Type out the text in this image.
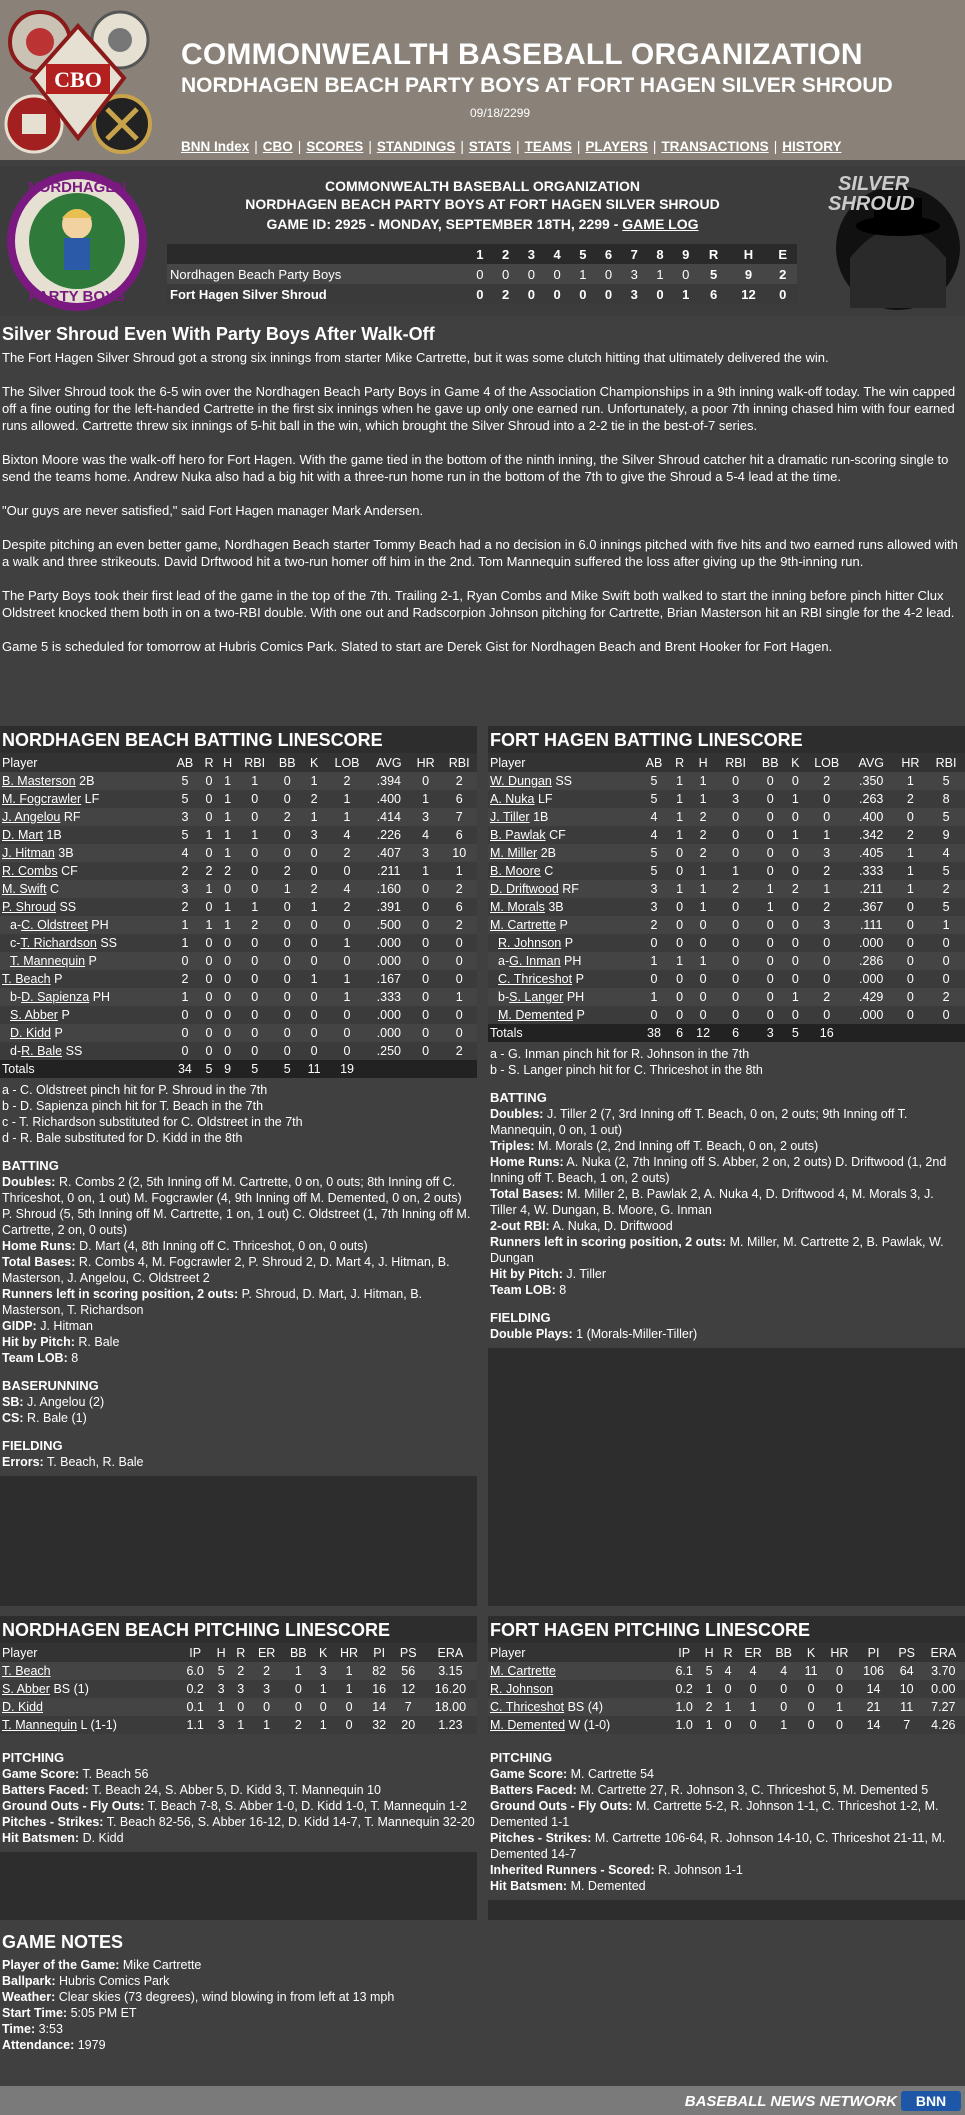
CBO
COMMONWEALTH BASEBALL ORGANIZATION
NORDHAGEN BEACH PARTY BOYS AT FORT HAGEN SILVER SHROUD
09/18/2299
BNN Index | CBO | SCORES | STANDINGS | STATS | TEAMS | PLAYERS | TRANSACTIONS | HISTORY
NORDHAGEN
PARTY BOYS
COMMONWEALTH BASEBALL ORGANIZATION
NORDHAGEN BEACH PARTY BOYS AT FORT HAGEN SILVER SHROUD
GAME ID: 2925 - MONDAY, SEPTEMBER 18TH, 2299 - GAME LOG
	1	2	3	4	5	6	7	8	9	R	H	E
Nordhagen Beach Party Boys	0	0	0	0	1	0	3	1	0	5	9	2
Fort Hagen Silver Shroud	0	2	0	0	0	0	3	0	1	6	12	0
SILVER
SHROUD
Silver Shroud Even With Party Boys After Walk-Off

The Fort Hagen Silver Shroud got a strong six innings from starter Mike Cartrette, but it was some clutch hitting that ultimately delivered the win.

The Silver Shroud took the 6-5 win over the Nordhagen Beach Party Boys in Game 4 of the Association Championships in a 9th inning walk-off today. The win capped off a fine outing for the left-handed Cartrette in the first six innings when he gave up only one earned run. Unfortunately, a poor 7th inning chased him with four earned runs allowed. Cartrette threw six innings of 5-hit ball in the win, which brought the Silver Shroud into a 2-2 tie in the best-of-7 series.

Bixton Moore was the walk-off hero for Fort Hagen. With the game tied in the bottom of the ninth inning, the Silver Shroud catcher hit a dramatic run-scoring single to send the teams home. Andrew Nuka also had a big hit with a three-run home run in the bottom of the 7th to give the Shroud a 5-4 lead at the time.

"Our guys are never satisfied," said Fort Hagen manager Mark Andersen.

Despite pitching an even better game, Nordhagen Beach starter Tommy Beach had a no decision in 6.0 innings pitched with five hits and two earned runs allowed with a walk and three strikeouts. David Drftwood hit a two-run homer off him in the 2nd. Tom Mannequin suffered the loss after giving up the 9th-inning run.

The Party Boys took their first lead of the game in the top of the 7th. Trailing 2-1, Ryan Combs and Mike Swift both walked to start the inning before pinch hitter Clux Oldstreet knocked them both in on a two-RBI double. With one out and Radscorpion Johnson pitching for Cartrette, Brian Masterson hit an RBI single for the 4-2 lead.

Game 5 is scheduled for tomorrow at Hubris Comics Park. Slated to start are Derek Gist for Nordhagen Beach and Brent Hooker for Fort Hagen.

NORDHAGEN BEACH BATTING LINESCORE
Player	AB	R	H	RBI	BB	K	LOB	AVG	HR	RBI
B. Masterson 2B	5	0	1	1	0	1	2	.394	0	2
M. Fogcrawler LF	5	0	1	0	0	2	1	.400	1	6
J. Angelou RF	3	0	1	0	2	1	1	.414	3	7
D. Mart 1B	5	1	1	1	0	3	4	.226	4	6
J. Hitman 3B	4	0	1	0	0	0	2	.407	3	10
R. Combs CF	2	2	2	0	2	0	0	.211	1	1
M. Swift C	3	1	0	0	1	2	4	.160	0	2
P. Shroud SS	2	0	1	1	0	1	2	.391	0	6
a-C. Oldstreet PH	1	1	1	2	0	0	0	.500	0	2
c-T. Richardson SS	1	0	0	0	0	0	1	.000	0	0
T. Mannequin P	0	0	0	0	0	0	0	.000	0	0
T. Beach P	2	0	0	0	0	1	1	.167	0	0
b-D. Sapienza PH	1	0	0	0	0	0	1	.333	0	1
S. Abber P	0	0	0	0	0	0	0	.000	0	0
D. Kidd P	0	0	0	0	0	0	0	.000	0	0
d-R. Bale SS	0	0	0	0	0	0	0	.250	0	2
Totals	34	5	9	5	5	11	19			
a - C. Oldstreet pinch hit for P. Shroud in the 7th
b - D. Sapienza pinch hit for T. Beach in the 7th
c - T. Richardson substituted for C. Oldstreet in the 7th
d - R. Bale substituted for D. Kidd in the 8th
BATTING
Doubles: R. Combs 2 (2, 5th Inning off M. Cartrette, 0 on, 0 outs; 8th Inning off C. Thriceshot, 0 on, 1 out) M. Fogcrawler (4, 9th Inning off M. Demented, 0 on, 2 outs) P. Shroud (5, 5th Inning off M. Cartrette, 1 on, 1 out) C. Oldstreet (1, 7th Inning off M. Cartrette, 2 on, 0 outs)
Home Runs: D. Mart (4, 8th Inning off C. Thriceshot, 0 on, 0 outs)
Total Bases: R. Combs 4, M. Fogcrawler 2, P. Shroud 2, D. Mart 4, J. Hitman, B. Masterson, J. Angelou, C. Oldstreet 2
Runners left in scoring position, 2 outs: P. Shroud, D. Mart, J. Hitman, B. Masterson, T. Richardson
GIDP: J. Hitman
Hit by Pitch: R. Bale
Team LOB: 8
BASERUNNING
SB: J. Angelou (2)
CS: R. Bale (1)
FIELDING
Errors: T. Beach, R. Bale
FORT HAGEN BATTING LINESCORE
Player	AB	R	H	RBI	BB	K	LOB	AVG	HR	RBI
W. Dungan SS	5	1	1	0	0	0	2	.350	1	5
A. Nuka LF	5	1	1	3	0	1	0	.263	2	8
J. Tiller 1B	4	1	2	0	0	0	0	.400	0	5
B. Pawlak CF	4	1	2	0	0	1	1	.342	2	9
M. Miller 2B	5	0	2	0	0	0	3	.405	1	4
B. Moore C	5	0	1	1	0	0	2	.333	1	5
D. Driftwood RF	3	1	1	2	1	2	1	.211	1	2
M. Morals 3B	3	0	1	0	1	0	2	.367	0	5
M. Cartrette P	2	0	0	0	0	0	3	.111	0	1
R. Johnson P	0	0	0	0	0	0	0	.000	0	0
a-G. Inman PH	1	1	1	0	0	0	0	.286	0	0
C. Thriceshot P	0	0	0	0	0	0	0	.000	0	0
b-S. Langer PH	1	0	0	0	0	1	2	.429	0	2
M. Demented P	0	0	0	0	0	0	0	.000	0	0
Totals	38	6	12	6	3	5	16			
a - G. Inman pinch hit for R. Johnson in the 7th
b - S. Langer pinch hit for C. Thriceshot in the 8th
BATTING
Doubles: J. Tiller 2 (7, 3rd Inning off T. Beach, 0 on, 2 outs; 9th Inning off T. Mannequin, 0 on, 1 out)
Triples: M. Morals (2, 2nd Inning off T. Beach, 0 on, 2 outs)
Home Runs: A. Nuka (2, 7th Inning off S. Abber, 2 on, 2 outs) D. Driftwood (1, 2nd Inning off T. Beach, 1 on, 2 outs)
Total Bases: M. Miller 2, B. Pawlak 2, A. Nuka 4, D. Driftwood 4, M. Morals 3, J. Tiller 4, W. Dungan, B. Moore, G. Inman
2-out RBI: A. Nuka, D. Driftwood
Runners left in scoring position, 2 outs: M. Miller, M. Cartrette 2, B. Pawlak, W. Dungan
Hit by Pitch: J. Tiller
Team LOB: 8
FIELDING
Double Plays: 1 (Morals-Miller-Tiller)
NORDHAGEN BEACH PITCHING LINESCORE
Player	IP	H	R	ER	BB	K	HR	PI	PS	ERA
T. Beach	6.0	5	2	2	1	3	1	82	56	3.15
S. Abber BS (1)	0.2	3	3	3	0	1	1	16	12	16.20
D. Kidd	0.1	1	0	0	0	0	0	14	7	18.00
T. Mannequin L (1-1)	1.1	3	1	1	2	1	0	32	20	1.23
PITCHING
Game Score: T. Beach 56
Batters Faced: T. Beach 24, S. Abber 5, D. Kidd 3, T. Mannequin 10
Ground Outs - Fly Outs: T. Beach 7-8, S. Abber 1-0, D. Kidd 1-0, T. Mannequin 1-2
Pitches - Strikes: T. Beach 82-56, S. Abber 16-12, D. Kidd 14-7, T. Mannequin 32-20
Hit Batsmen: D. Kidd
FORT HAGEN PITCHING LINESCORE
Player	IP	H	R	ER	BB	K	HR	PI	PS	ERA
M. Cartrette	6.1	5	4	4	4	11	0	106	64	3.70
R. Johnson	0.2	1	0	0	0	0	0	14	10	0.00
C. Thriceshot BS (4)	1.0	2	1	1	0	0	1	21	11	7.27
M. Demented W (1-0)	1.0	1	0	0	1	0	0	14	7	4.26
PITCHING
Game Score: M. Cartrette 54
Batters Faced: M. Cartrette 27, R. Johnson 3, C. Thriceshot 5, M. Demented 5
Ground Outs - Fly Outs: M. Cartrette 5-2, R. Johnson 1-1, C. Thriceshot 1-2, M. Demented 1-1
Pitches - Strikes: M. Cartrette 106-64, R. Johnson 14-10, C. Thriceshot 21-11, M. Demented 14-7
Inherited Runners - Scored: R. Johnson 1-1
Hit Batsmen: M. Demented
GAME NOTES
Player of the Game: Mike Cartrette
Ballpark: Hubris Comics Park
Weather: Clear skies (73 degrees), wind blowing in from left at 13 mph
Start Time: 5:05 PM ET
Time: 3:53
Attendance: 1979
BASEBALL NEWS NETWORK	BNN
